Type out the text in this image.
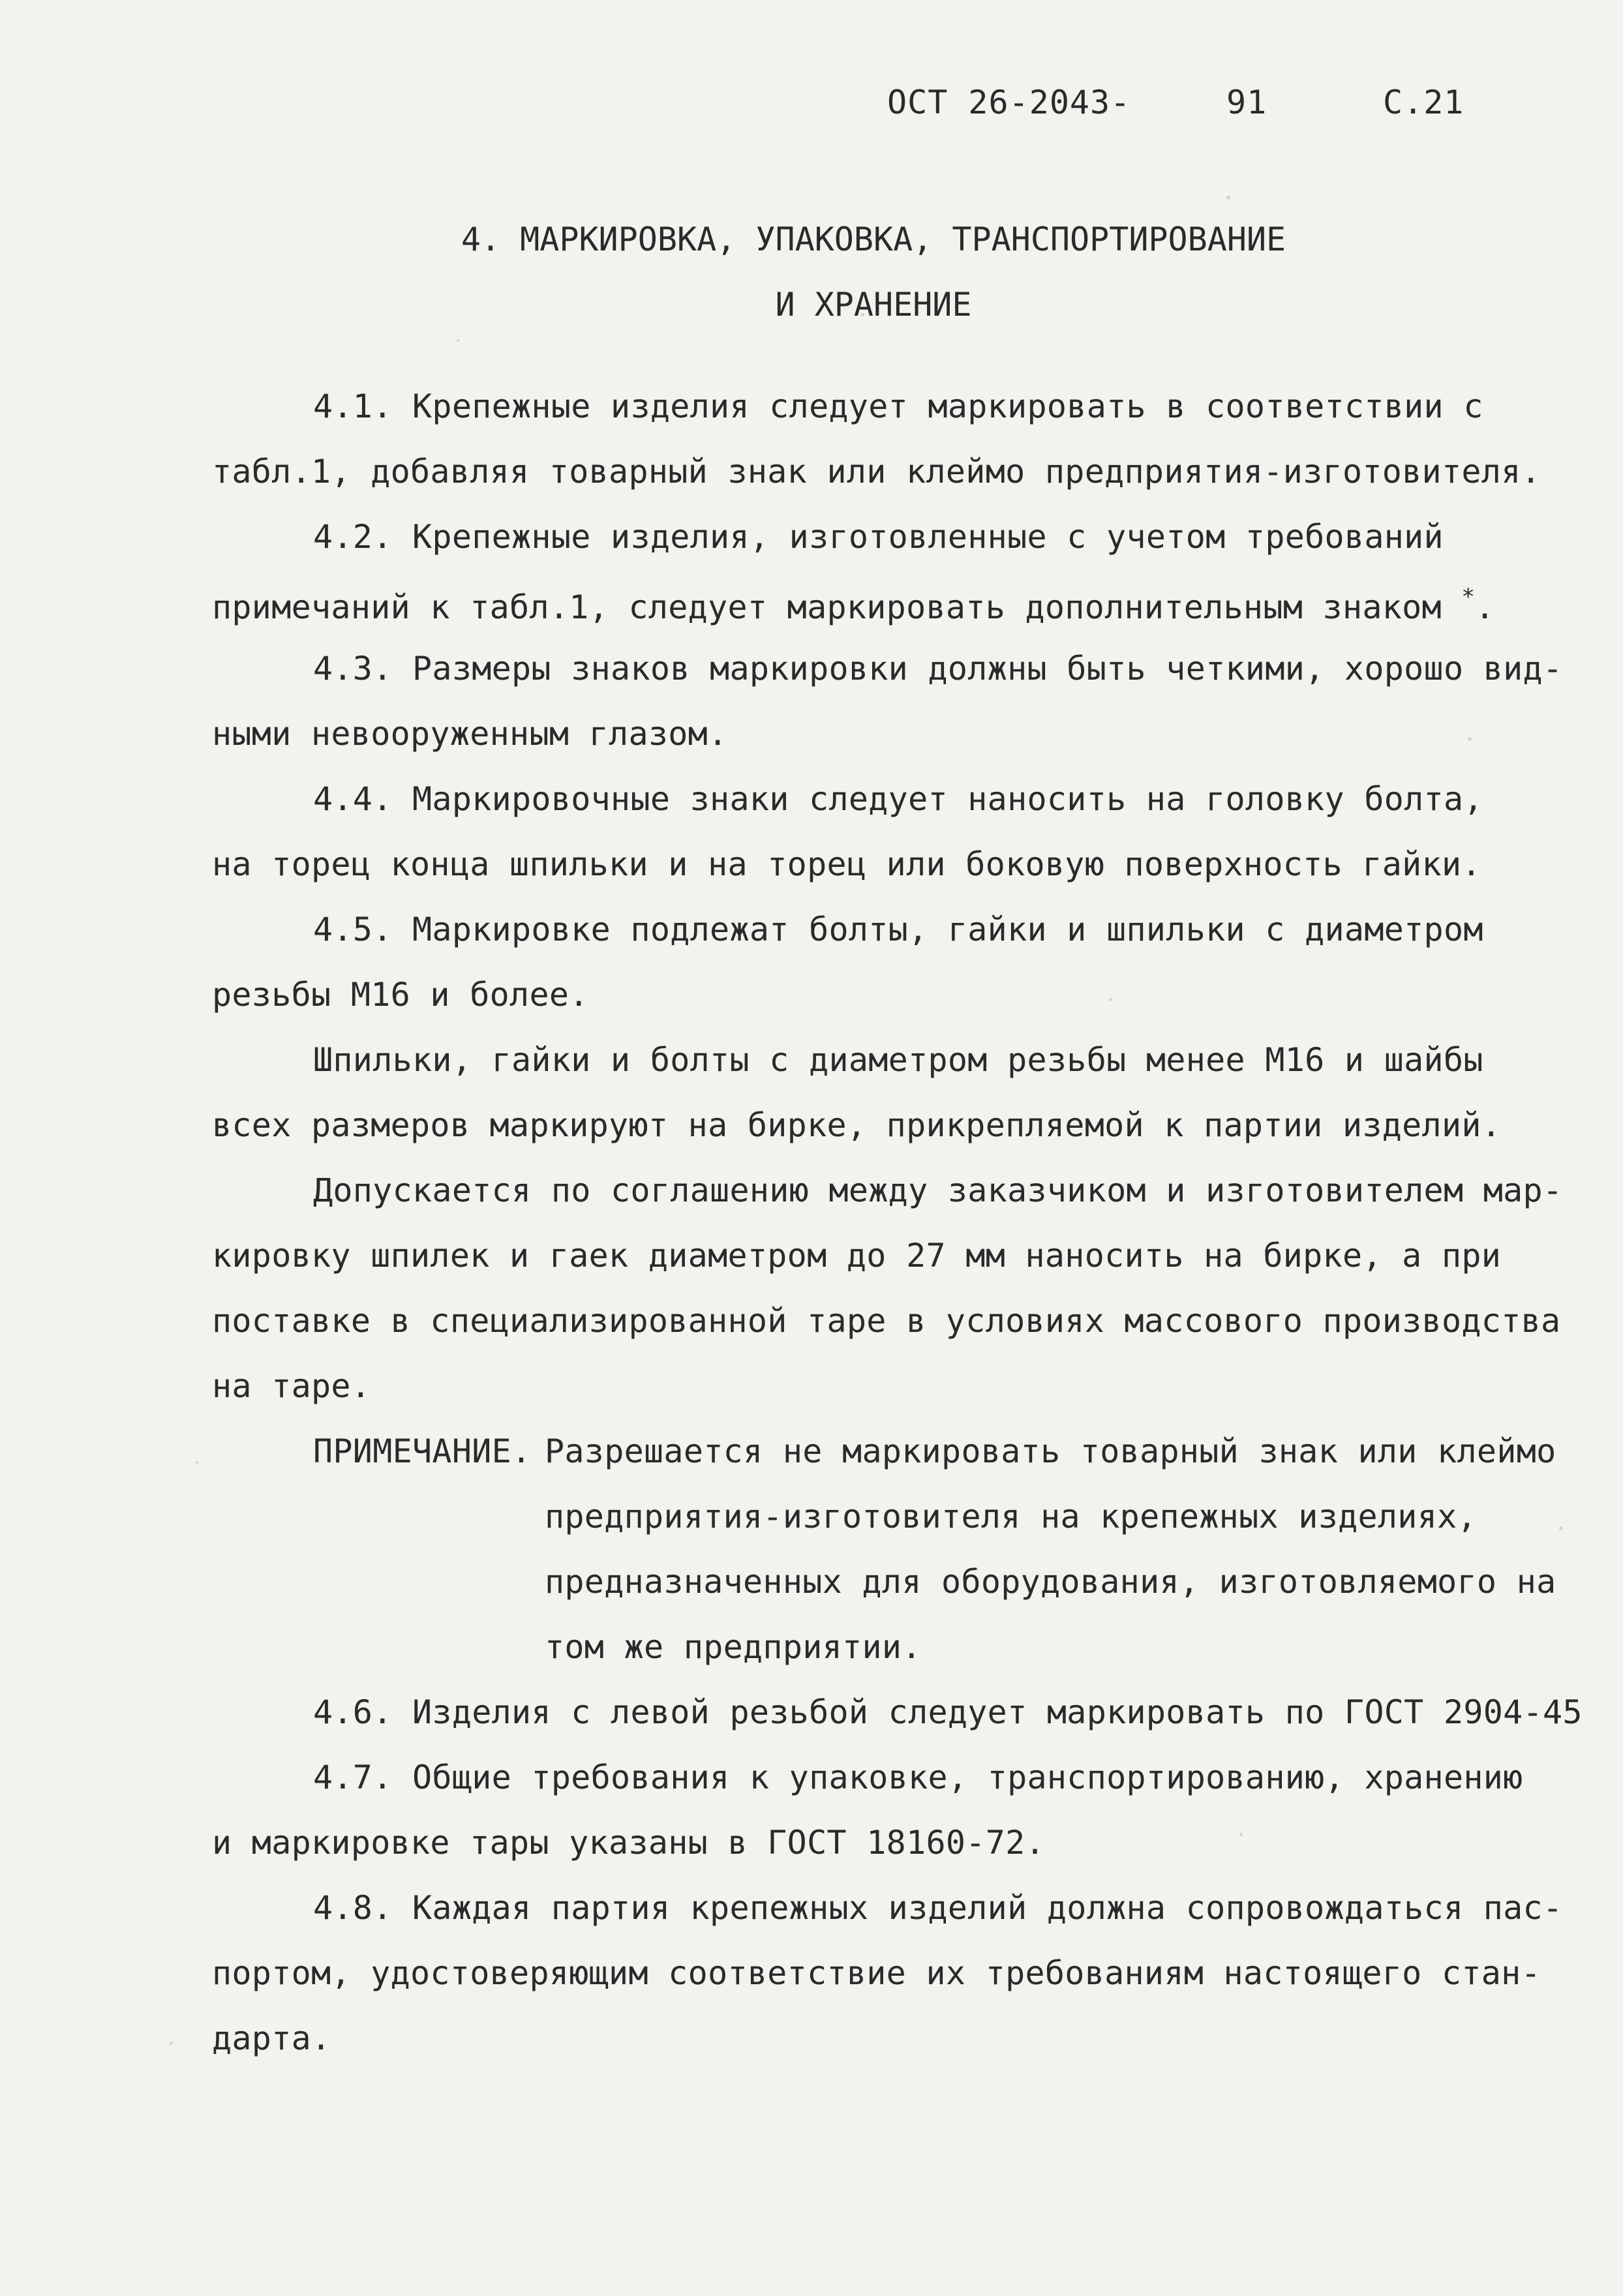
ОСТ 26-2043-	91	С.21
4. МАРКИРОВКА, УПАКОВКА, ТРАНСПОРТИРОВАНИЕ
И ХРАНЕНИЕ
4.1. Крепежные изделия следует маркировать в соответствии с
табл.1, добавляя товарный знак или клеймо предприятия-изготовителя.
4.2. Крепежные изделия, изготовленные с учетом требований
примечаний к табл.1, следует маркировать дополнительным знаком *.
4.3. Размеры знаков маркировки должны быть четкими, хорошо вид-
ными невооруженным глазом.
4.4. Маркировочные знаки следует наносить на головку болта,
на торец конца шпильки и на торец или боковую поверхность гайки.
4.5. Маркировке подлежат болты, гайки и шпильки с диаметром
резьбы М16 и более.
Шпильки, гайки и болты с диаметром резьбы менее М16 и шайбы
всех размеров маркируют на бирке, прикрепляемой к партии изделий.
Допускается по соглашению между заказчиком и изготовителем мар-
кировку шпилек и гаек диаметром до 27 мм наносить на бирке, а при
поставке в специализированной таре в условиях массового производства
на таре.
ПРИМЕЧАНИЕ. Разрешается не маркировать товарный знак или клеймо
предприятия-изготовителя на крепежных изделиях,
предназначенных для оборудования, изготовляемого на
том же предприятии.
4.6. Изделия с левой резьбой следует маркировать по ГОСТ 2904-45
4.7. Общие требования к упаковке, транспортированию, хранению
и маркировке тары указаны в ГОСТ 18160-72.
4.8. Каждая партия крепежных изделий должна сопровождаться пас-
портом, удостоверяющим соответствие их требованиям настоящего стан-
дарта.
